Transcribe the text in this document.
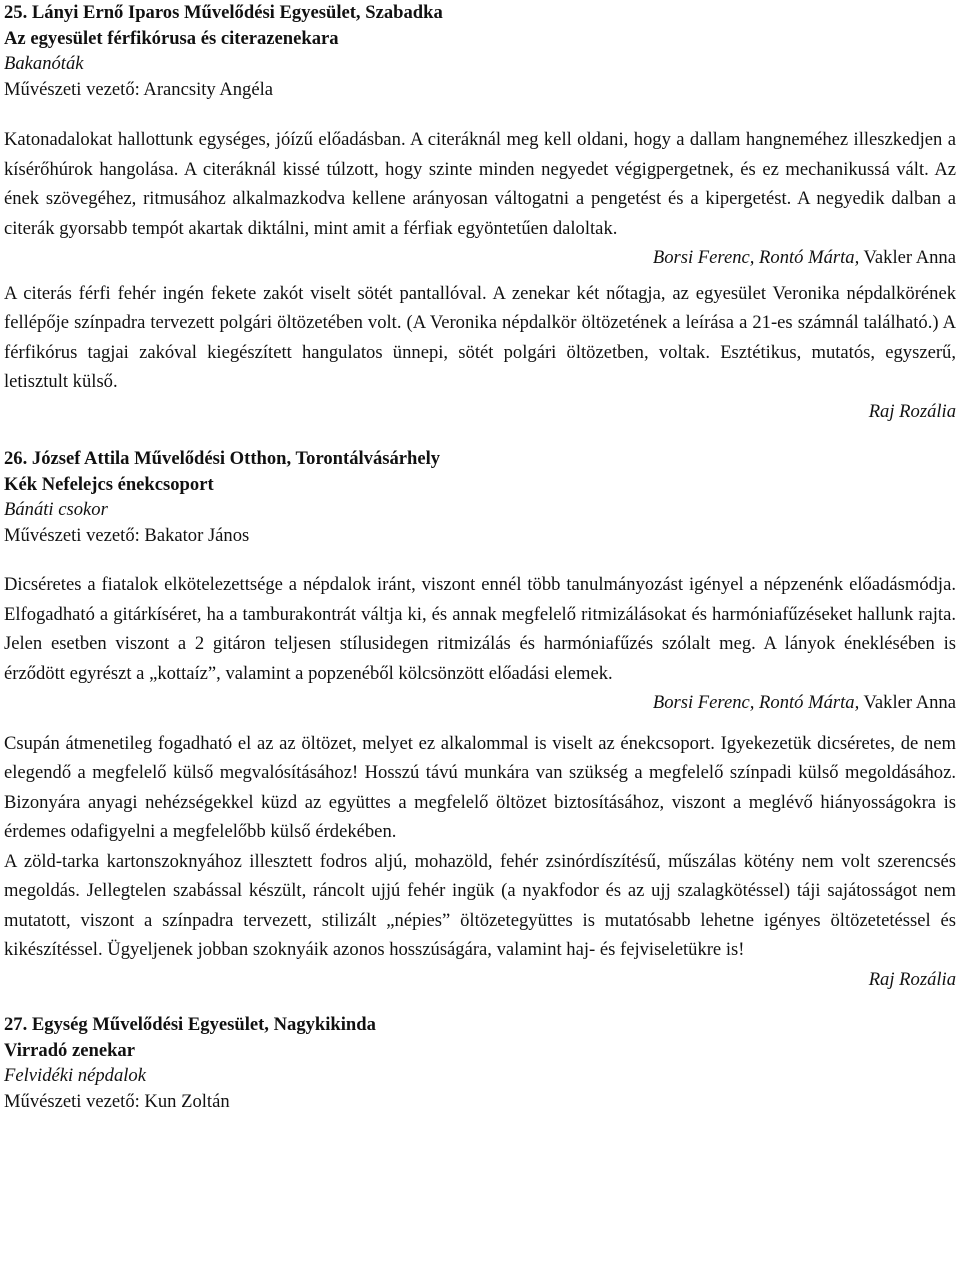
25. Lányi Ernő Iparos Művelődési Egyesület, Szabadka
Az egyesület férfikórusa és citerazenekara
Bakanóták
Művészeti vezető: Arancsity Angéla

Katonadalokat hallottunk egységes, jóízű előadásban. A citeráknál meg kell oldani, hogy a dallam hangneméhez illeszkedjen a kísérőhúrok hangolása. A citeráknál kissé túlzott, hogy szinte minden negyedet végigpergetnek, és ez mechanikussá vált. Az ének szövegéhez, ritmusához alkalmazkodva kellene arányosan váltogatni a pengetést és a kipergetést. A negyedik dalban a citerák gyorsabb tempót akartak diktálni, mint amit a férfiak egyöntetűen daloltak.

Borsi Ferenc, Rontó Márta, Vakler Anna

A citerás férfi fehér ingén fekete zakót viselt sötét pantallóval. A zenekar két nőtagja, az egyesület Veronika népdalkörének fellépője színpadra tervezett polgári öltözetében volt. (A Veronika népdalkör öltözetének a leírása a 21-es számnál található.) A férfikórus tagjai zakóval kiegészített hangulatos ünnepi, sötét polgári öltözetben, voltak. Esztétikus, mutatós, egyszerű, letisztult külső.

Raj Rozália

26. József Attila Művelődési Otthon, Torontálvásárhely
Kék Nefelejcs énekcsoport
Bánáti csokor
Művészeti vezető: Bakator János

Dicséretes a fiatalok elkötelezettsége a népdalok iránt, viszont ennél több tanulmányozást igényel a népzenénk előadásmódja. Elfogadható a gitárkíséret, ha a tamburakontrát váltja ki, és annak megfelelő ritmizálásokat és harmóniafűzéseket hallunk rajta. Jelen esetben viszont a 2 gitáron teljesen stílusidegen ritmizálás és harmóniafűzés szólalt meg. A lányok éneklésében is érződött egyrészt a „kottaíz”, valamint a popzenéből kölcsönzött előadási elemek.

Borsi Ferenc, Rontó Márta, Vakler Anna

Csupán átmenetileg fogadható el az az öltözet, melyet ez alkalommal is viselt az énekcsoport. Igyekezetük dicséretes, de nem elegendő a megfelelő külső megvalósításához! Hosszú távú munkára van szükség a megfelelő színpadi külső megoldásához. Bizonyára anyagi nehézségekkel küzd az együttes a megfelelő öltözet biztosításához, viszont a meglévő hiányosságokra is érdemes odafigyelni a megfelelőbb külső érdekében.

A zöld-tarka kartonszoknyához illesztett fodros aljú, mohazöld, fehér zsinórdíszítésű, műszálas kötény nem volt szerencsés megoldás. Jellegtelen szabással készült, ráncolt ujjú fehér ingük (a nyakfodor és az ujj szalagkötéssel) táji sajátosságot nem mutatott, viszont a színpadra tervezett, stilizált „népies” öltözetegyüttes is mutatósabb lehetne igényes öltözetetéssel és kikészítéssel. Ügyeljenek jobban szoknyáik azonos hosszúságára, valamint haj- és fejviseletükre is!

Raj Rozália

27. Egység Művelődési Egyesület, Nagykikinda
Virradó zenekar
Felvidéki népdalok
Művészeti vezető: Kun Zoltán
